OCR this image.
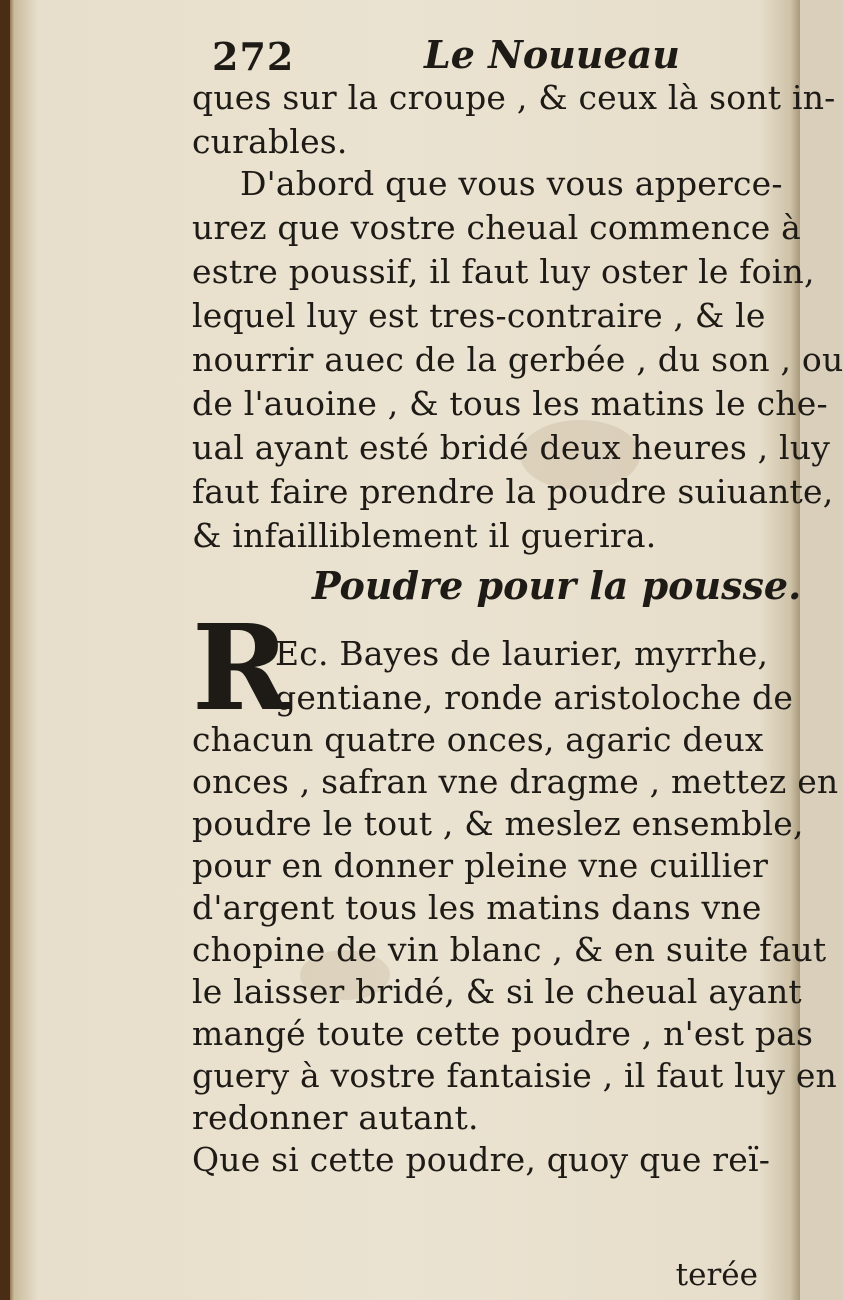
272	Le Nouueau
ques sur la croupe , & ceux là sont in-
curables.
D'abord que vous vous apperce-
urez que vostre cheual commence à
estre poussif, il faut luy oster le foin,
lequel luy est tres-contraire , & le
nourrir auec de la gerbée , du son , ou
de l'auoine , & tous les matins le che-
ual ayant esté bridé deux heures , luy
faut faire prendre la poudre suiuante,
& infailliblement il guerira.
Poudre pour la pousse.
R
Ec. Bayes de laurier, myrrhe,
gentiane, ronde aristoloche de
chacun quatre onces, agaric deux
onces , safran vne dragme , mettez en
poudre le tout , & meslez ensemble,
pour en donner pleine vne cuillier
d'argent tous les matins dans vne
chopine de vin blanc , & en suite faut
le laisser bridé, & si le cheual ayant
mangé toute cette poudre , n'est pas
guery à vostre fantaisie , il faut luy en
redonner autant.
Que si cette poudre, quoy que reï-
terée
